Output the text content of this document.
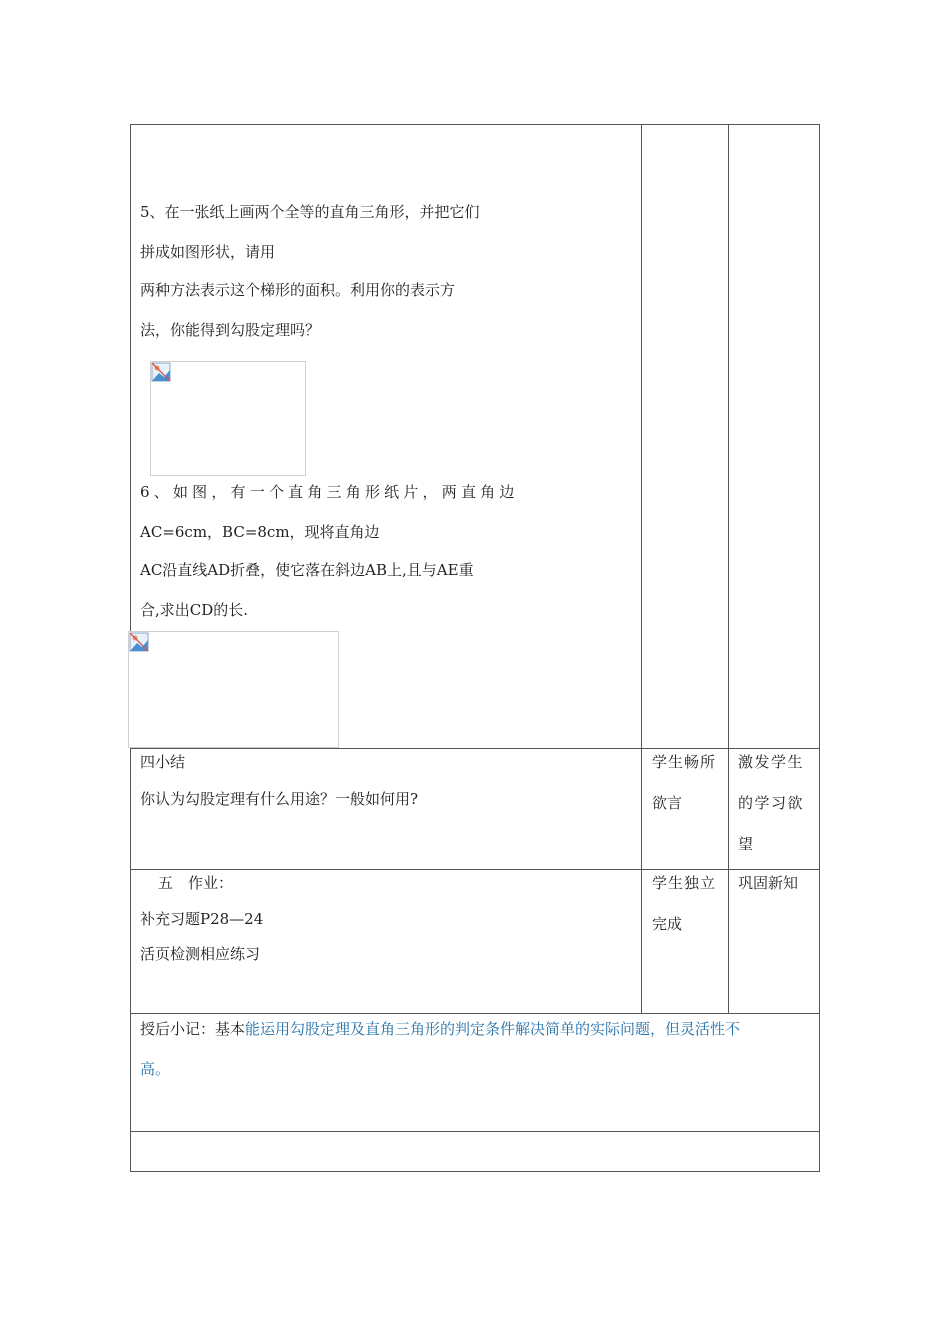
5、在一张纸上画两个全等的直角三角形，并把它们
拼成如图形状，请用
两种方法表示这个梯形的面积。利用你的表示方
法，你能得到勾股定理吗？
6、如图，有一个直角三角形纸片，两直角边
AC=6cm，BC=8cm，现将直角边
AC沿直线AD折叠，使它落在斜边AB上,且与AE重
合,求出CD的长.
四小结
你认为勾股定理有什么用途？一般如何用?
学生畅所
欲言
激发学生
的学习欲
望
五　作业：
补充习题P28—24
活页检测相应练习
学生独立
完成
巩固新知
授后小记：基本能运用勾股定理及直角三角形的判定条件解决简单的实际问题，但灵活性不
高。
